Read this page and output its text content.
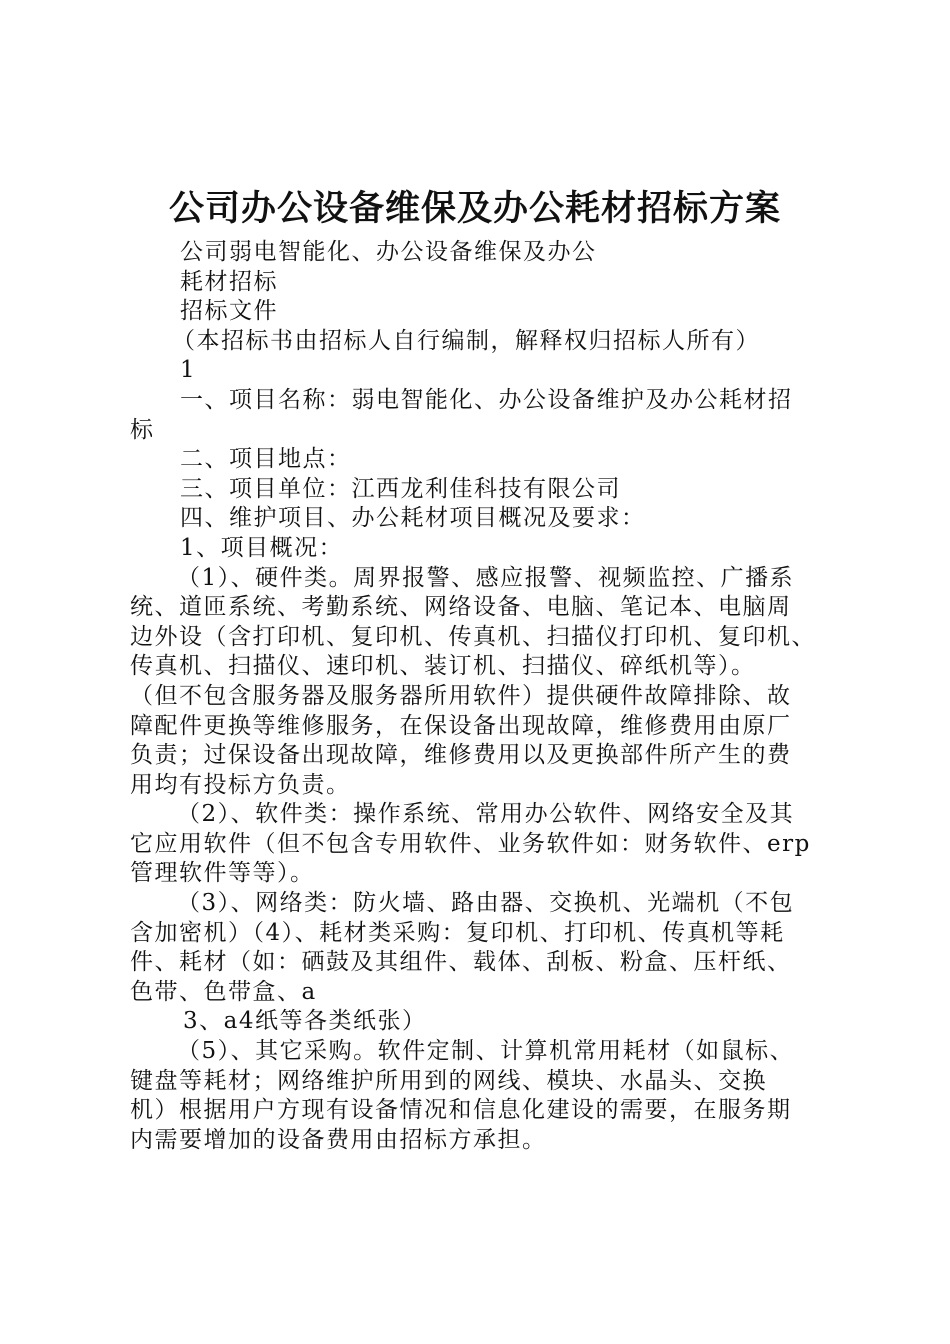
公司办公设备维保及办公耗材招标方案

公司弱电智能化、办公设备维保及办公

耗材招标

招标文件

（本招标书由招标人自行编制，解释权归招标人所有）

1

一、项目名称：弱电智能化、办公设备维护及办公耗材招

标

二、项目地点：

三、项目单位：江西龙利佳科技有限公司

四、维护项目、办公耗材项目概况及要求：

1、项目概况：

（1）、硬件类。周界报警、感应报警、视频监控、广播系

统、道匝系统、考勤系统、网络设备、电脑、笔记本、电脑周

边外设（含打印机、复印机、传真机、扫描仪打印机、复印机、

传真机、扫描仪、速印机、装订机、扫描仪、碎纸机等）。

（但不包含服务器及服务器所用软件）提供硬件故障排除、故

障配件更换等维修服务，在保设备出现故障，维修费用由原厂

负责；过保设备出现故障，维修费用以及更换部件所产生的费

用均有投标方负责。

（2）、软件类：操作系统、常用办公软件、网络安全及其

它应用软件（但不包含专用软件、业务软件如：财务软件、erp

管理软件等等）。

（3）、网络类：防火墙、路由器、交换机、光端机（不包

含加密机）（4）、耗材类采购：复印机、打印机、传真机等耗

件、耗材（如：硒鼓及其组件、载体、刮板、粉盒、压杆纸、

色带、色带盒、a

3、a4纸等各类纸张）

（5）、其它采购。软件定制、计算机常用耗材（如鼠标、

键盘等耗材；网络维护所用到的网线、模块、水晶头、交换

机）根据用户方现有设备情况和信息化建设的需要，在服务期

内需要增加的设备费用由招标方承担。
